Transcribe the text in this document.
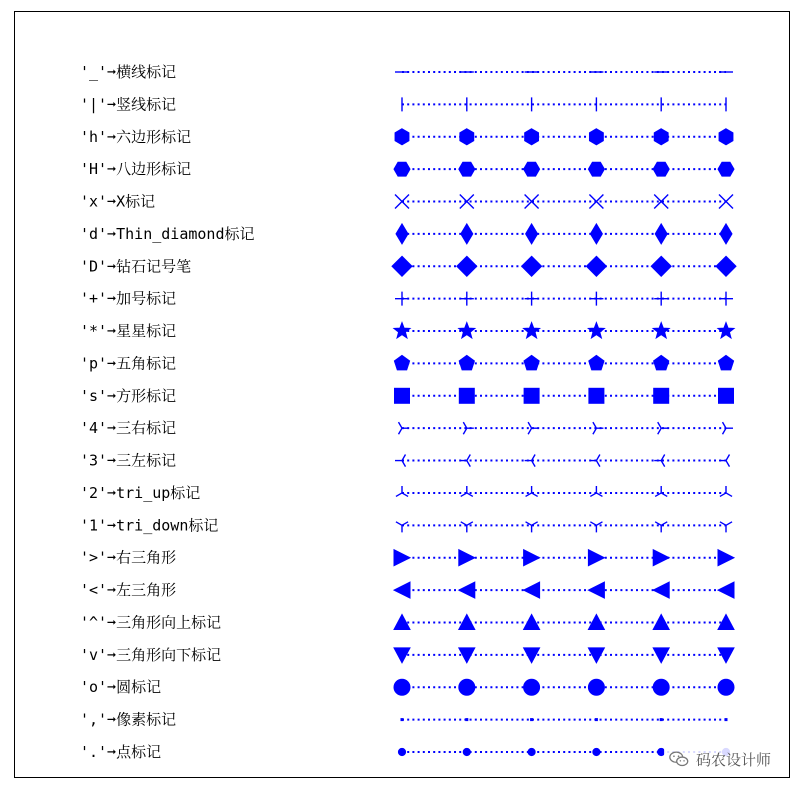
'_'➞横线标记
'|'➞竖线标记
'h'➞六边形标记
'H'➞八边形标记
'x'➞X标记
'd'➞Thin_diamond标记
'D'➞钻石记号笔
'+'➞加号标记
'*'➞星星标记
'p'➞五角标记
's'➞方形标记
'4'➞三右标记
'3'➞三左标记
'2'➞tri_up标记
'1'➞tri_down标记
'>'➞右三角形
'<'➞左三角形
'^'➞三角形向上标记
'v'➞三角形向下标记
'o'➞圆标记
','➞像素标记
'.'➞点标记	码农设计师
